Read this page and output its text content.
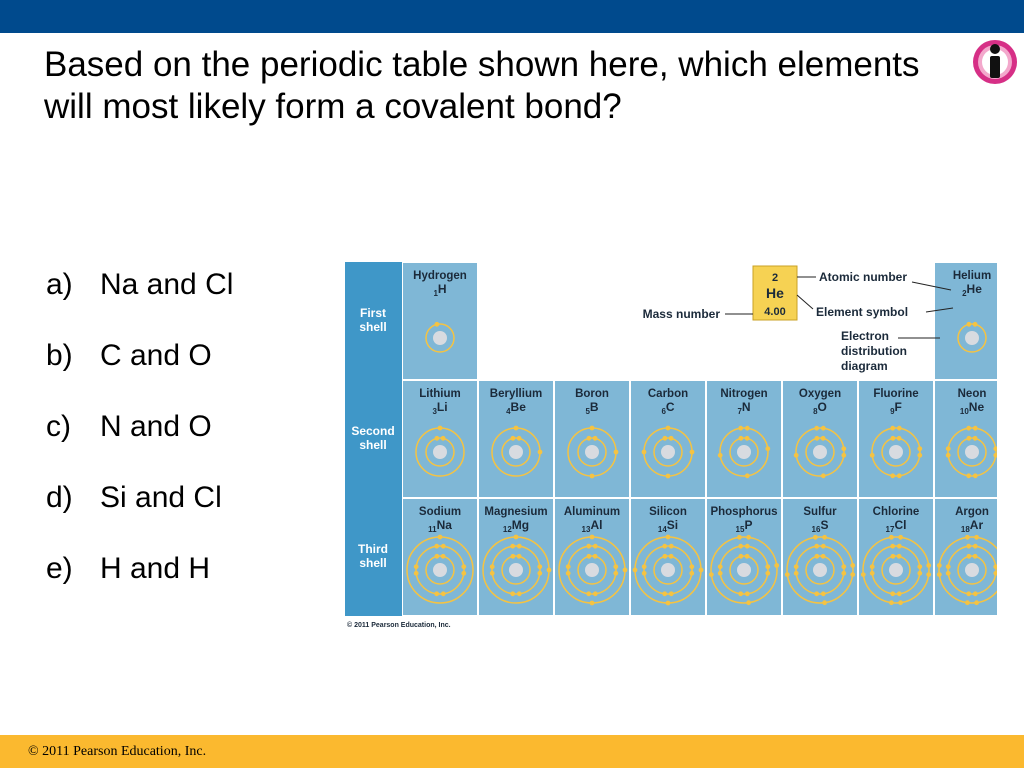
Based on the periodic table shown here, which elements will most likely form a covalent bond?
a) Na and Cl
b) C and O
c) N and O
d) Si and Cl
e) H and H
First
shell
Second
shell
Third
shell
Hydrogen
$_1$H
Helium
$_2$He
Lithium
$_3$Li
Beryllium
$_4$Be
Boron
$_5$B
Carbon
$_6$C
Nitrogen
$_7$N
Oxygen
$_8$O
Fluorine
$_9$F
Neon
$_{10}$Ne
Sodium
$_{11}$Na
Magnesium
$_{12}$Mg
Aluminum
$_{13}$Al
Silicon
$_{14}$Si
Phosphorus
$_{15}$P
Sulfur
$_{16}$S
Chlorine
$_{17}$Cl
Argon
$_{18}$Ar
2
He
4.00
Atomic number
Element symbol
Mass number
Electron
distribution
diagram
© 2011 Pearson Education, Inc.
© 2011 Pearson Education, Inc.
